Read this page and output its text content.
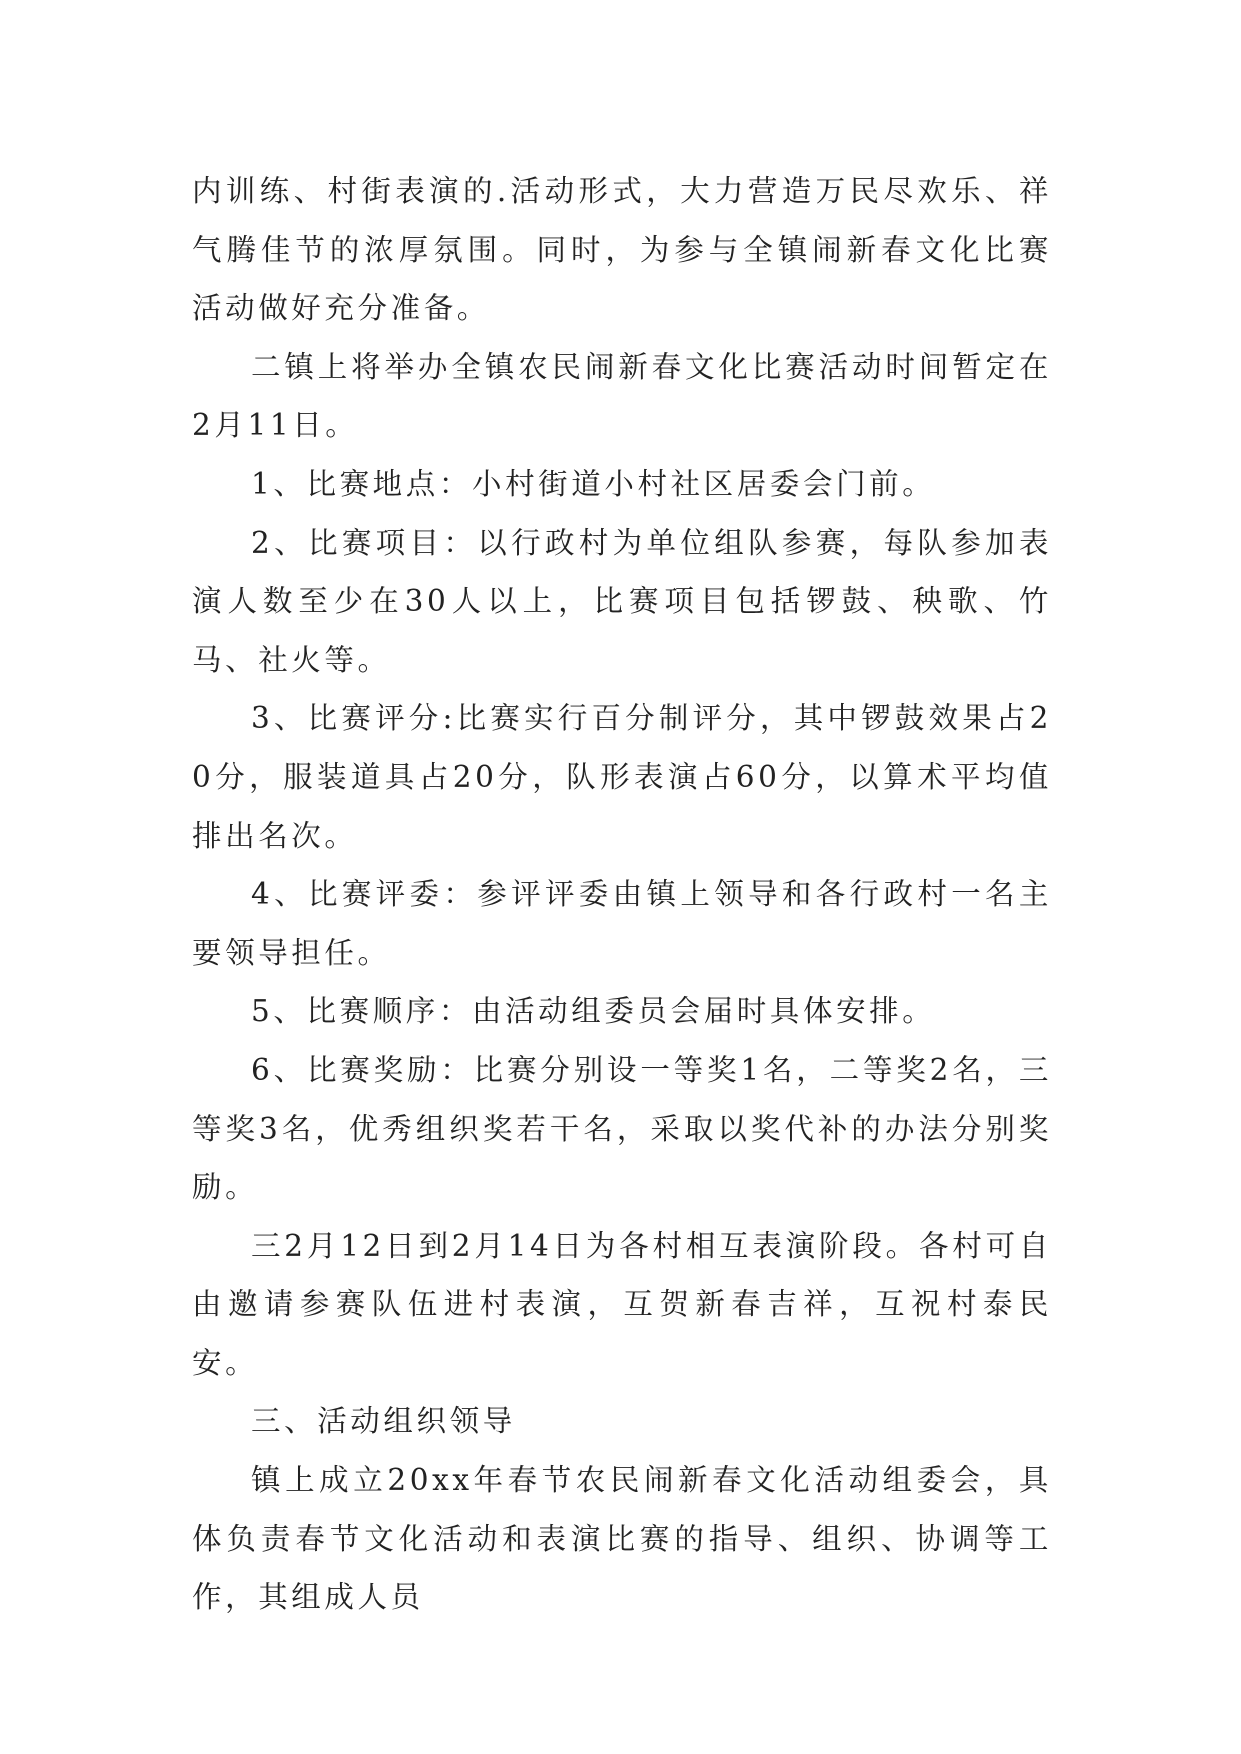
内训练、村街表演的.活动形式，大力营造万民尽欢乐、祥气腾佳节的浓厚氛围。同时，为参与全镇闹新春文化比赛活动做好充分准备。

二镇上将举办全镇农民闹新春文化比赛活动时间暂定在2月11日。

1、比赛地点：小村街道小村社区居委会门前。

2、比赛项目：以行政村为单位组队参赛，每队参加表演人数至少在30人以上，比赛项目包括锣鼓、秧歌、竹马、社火等。

3、比赛评分:比赛实行百分制评分，其中锣鼓效果占20分，服装道具占20分，队形表演占60分，以算术平均值排出名次。

4、比赛评委：参评评委由镇上领导和各行政村一名主要领导担任。

5、比赛顺序：由活动组委员会届时具体安排。

6、比赛奖励：比赛分别设一等奖1名，二等奖2名，三等奖3名，优秀组织奖若干名，采取以奖代补的办法分别奖励。

三2月12日到2月14日为各村相互表演阶段。各村可自由邀请参赛队伍进村表演，互贺新春吉祥，互祝村泰民安。

三、活动组织领导

镇上成立20xx年春节农民闹新春文化活动组委会，具体负责春节文化活动和表演比赛的指导、组织、协调等工作，其组成人员
